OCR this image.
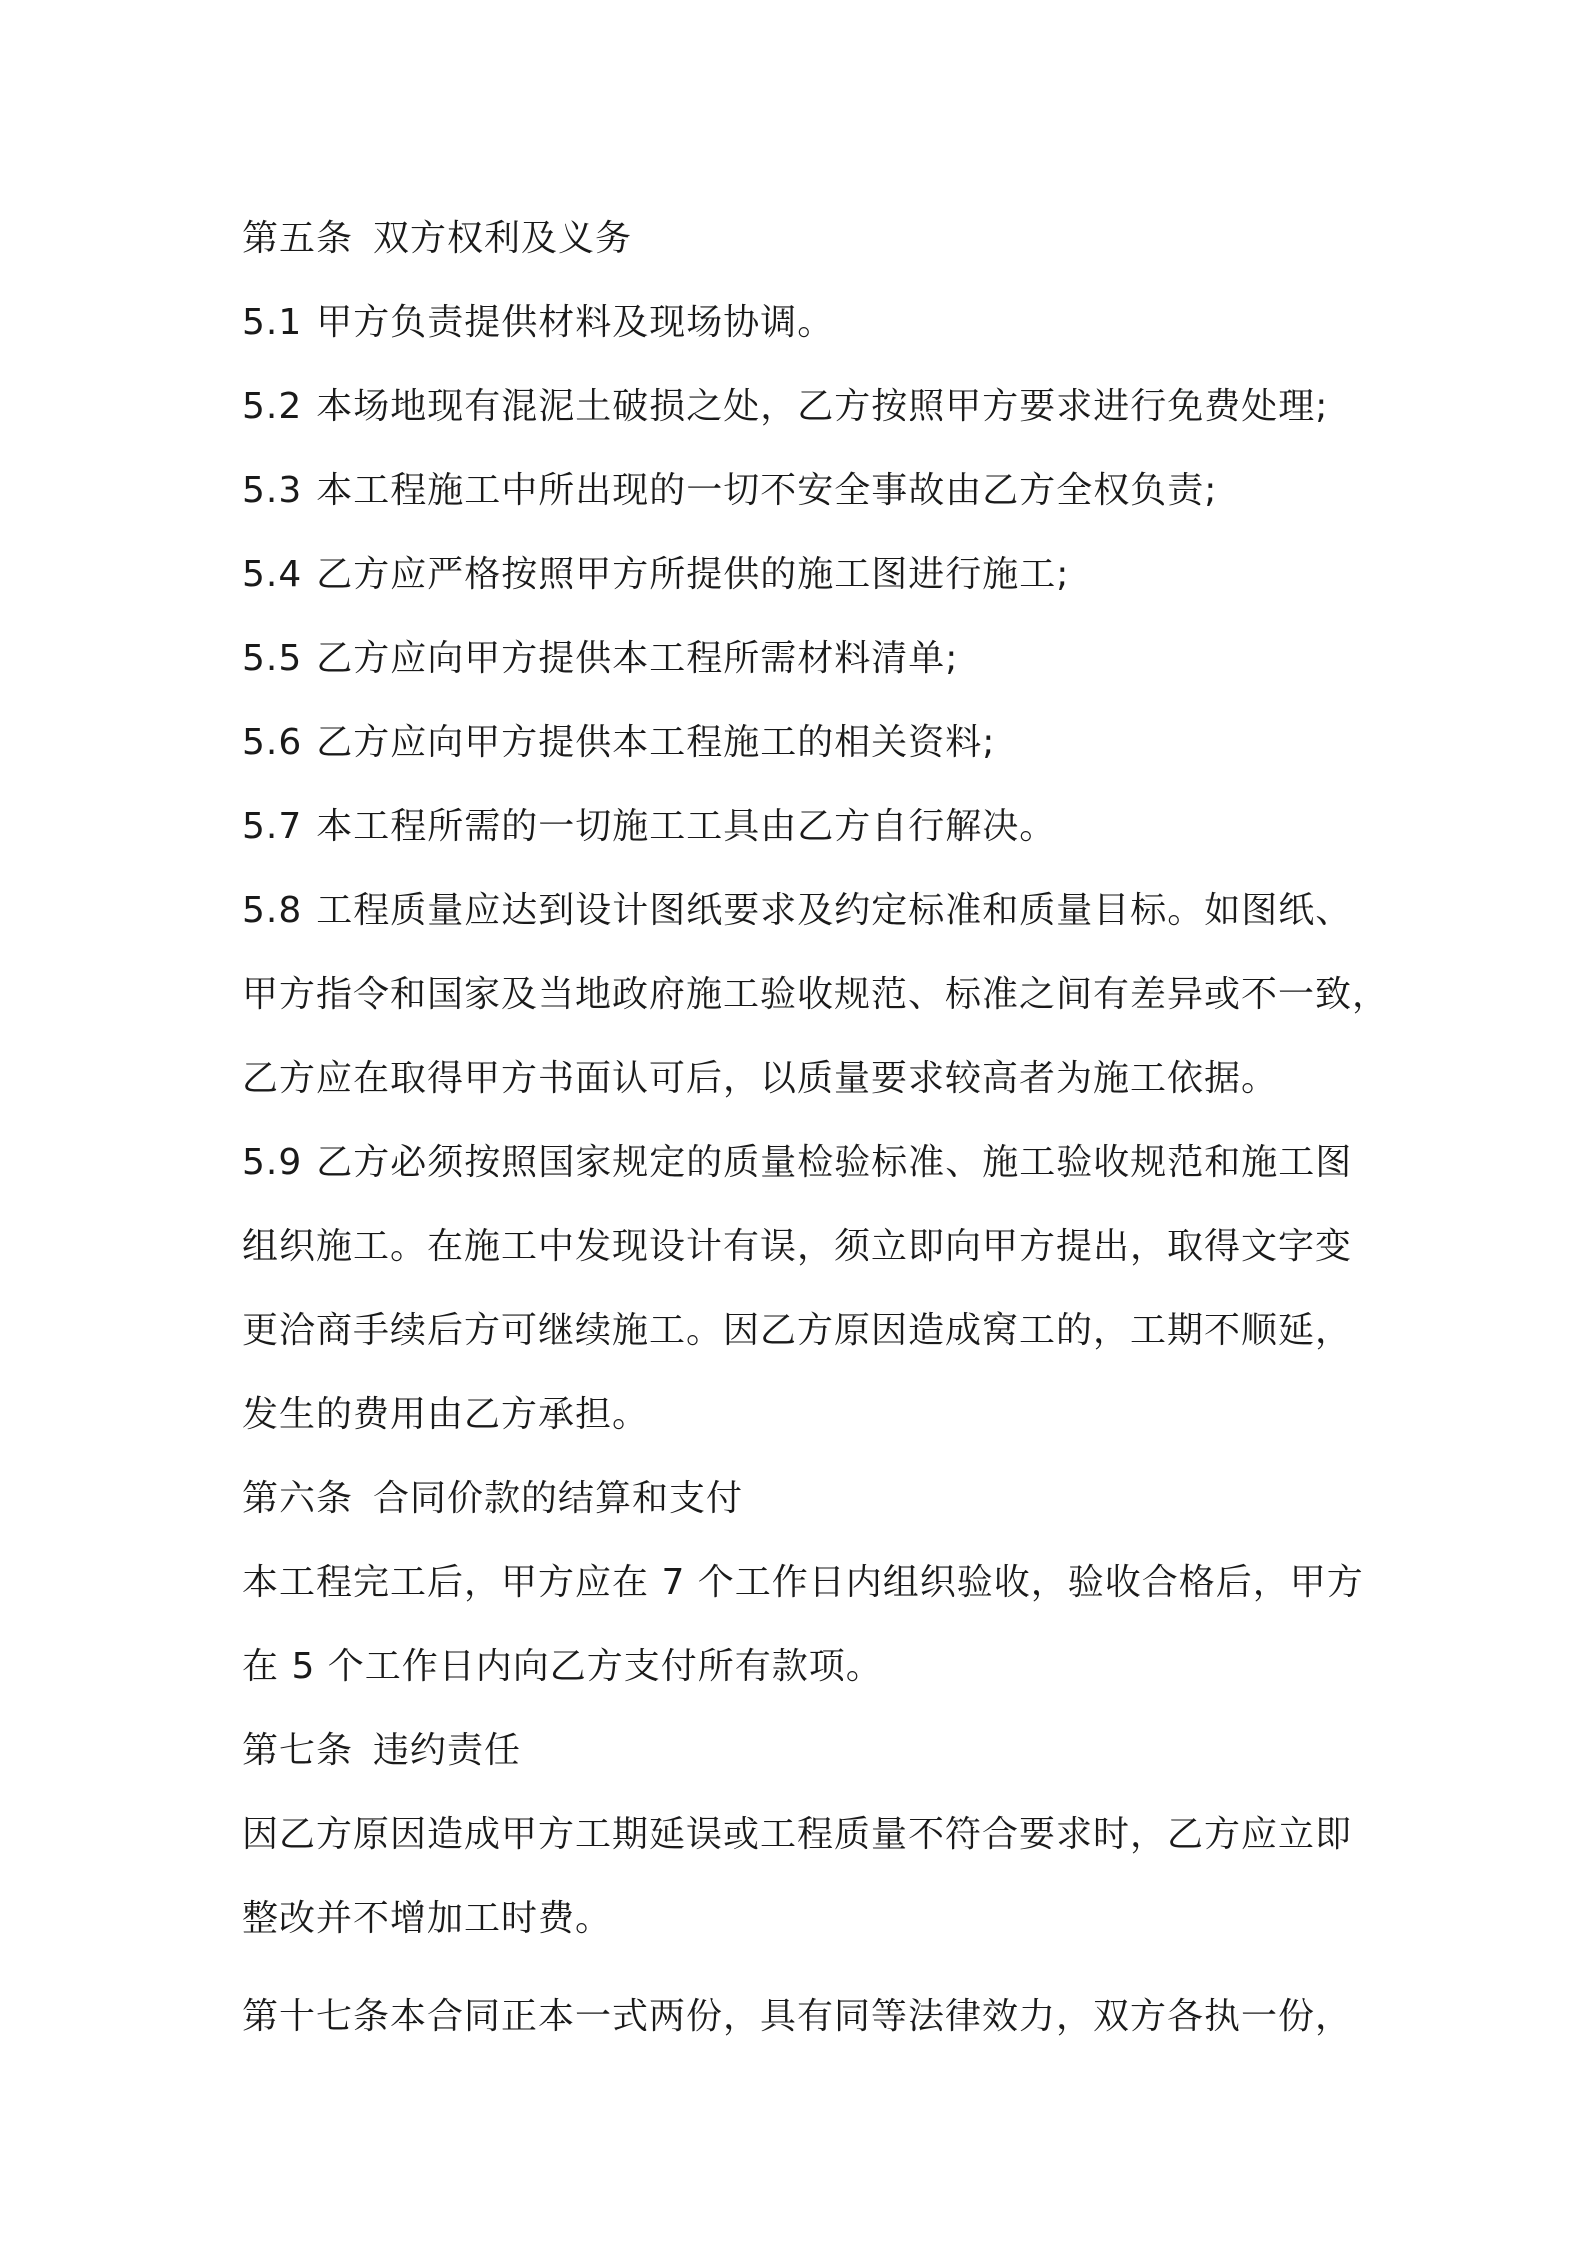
第五条 双方权利及义务
5.1 甲方负责提供材料及现场协调。
5.2 本场地现有混泥土破损之处，乙方按照甲方要求进行免费处理;
5.3 本工程施工中所出现的一切不安全事故由乙方全权负责;
5.4 乙方应严格按照甲方所提供的施工图进行施工;
5.5 乙方应向甲方提供本工程所需材料清单;
5.6 乙方应向甲方提供本工程施工的相关资料;
5.7 本工程所需的一切施工工具由乙方自行解决。
5.8 工程质量应达到设计图纸要求及约定标准和质量目标。如图纸、
甲方指令和国家及当地政府施工验收规范、标准之间有差异或不一致，
乙方应在取得甲方书面认可后，以质量要求较高者为施工依据。
5.9 乙方必须按照国家规定的质量检验标准、施工验收规范和施工图
组织施工。在施工中发现设计有误，须立即向甲方提出，取得文字变
更洽商手续后方可继续施工。因乙方原因造成窝工的，工期不顺延，
发生的费用由乙方承担。
第六条 合同价款的结算和支付
本工程完工后，甲方应在 7 个工作日内组织验收，验收合格后，甲方
在 5 个工作日内向乙方支付所有款项。
第七条 违约责任
因乙方原因造成甲方工期延误或工程质量不符合要求时，乙方应立即
整改并不增加工时费。
第十七条本合同正本一式两份，具有同等法律效力，双方各执一份，
